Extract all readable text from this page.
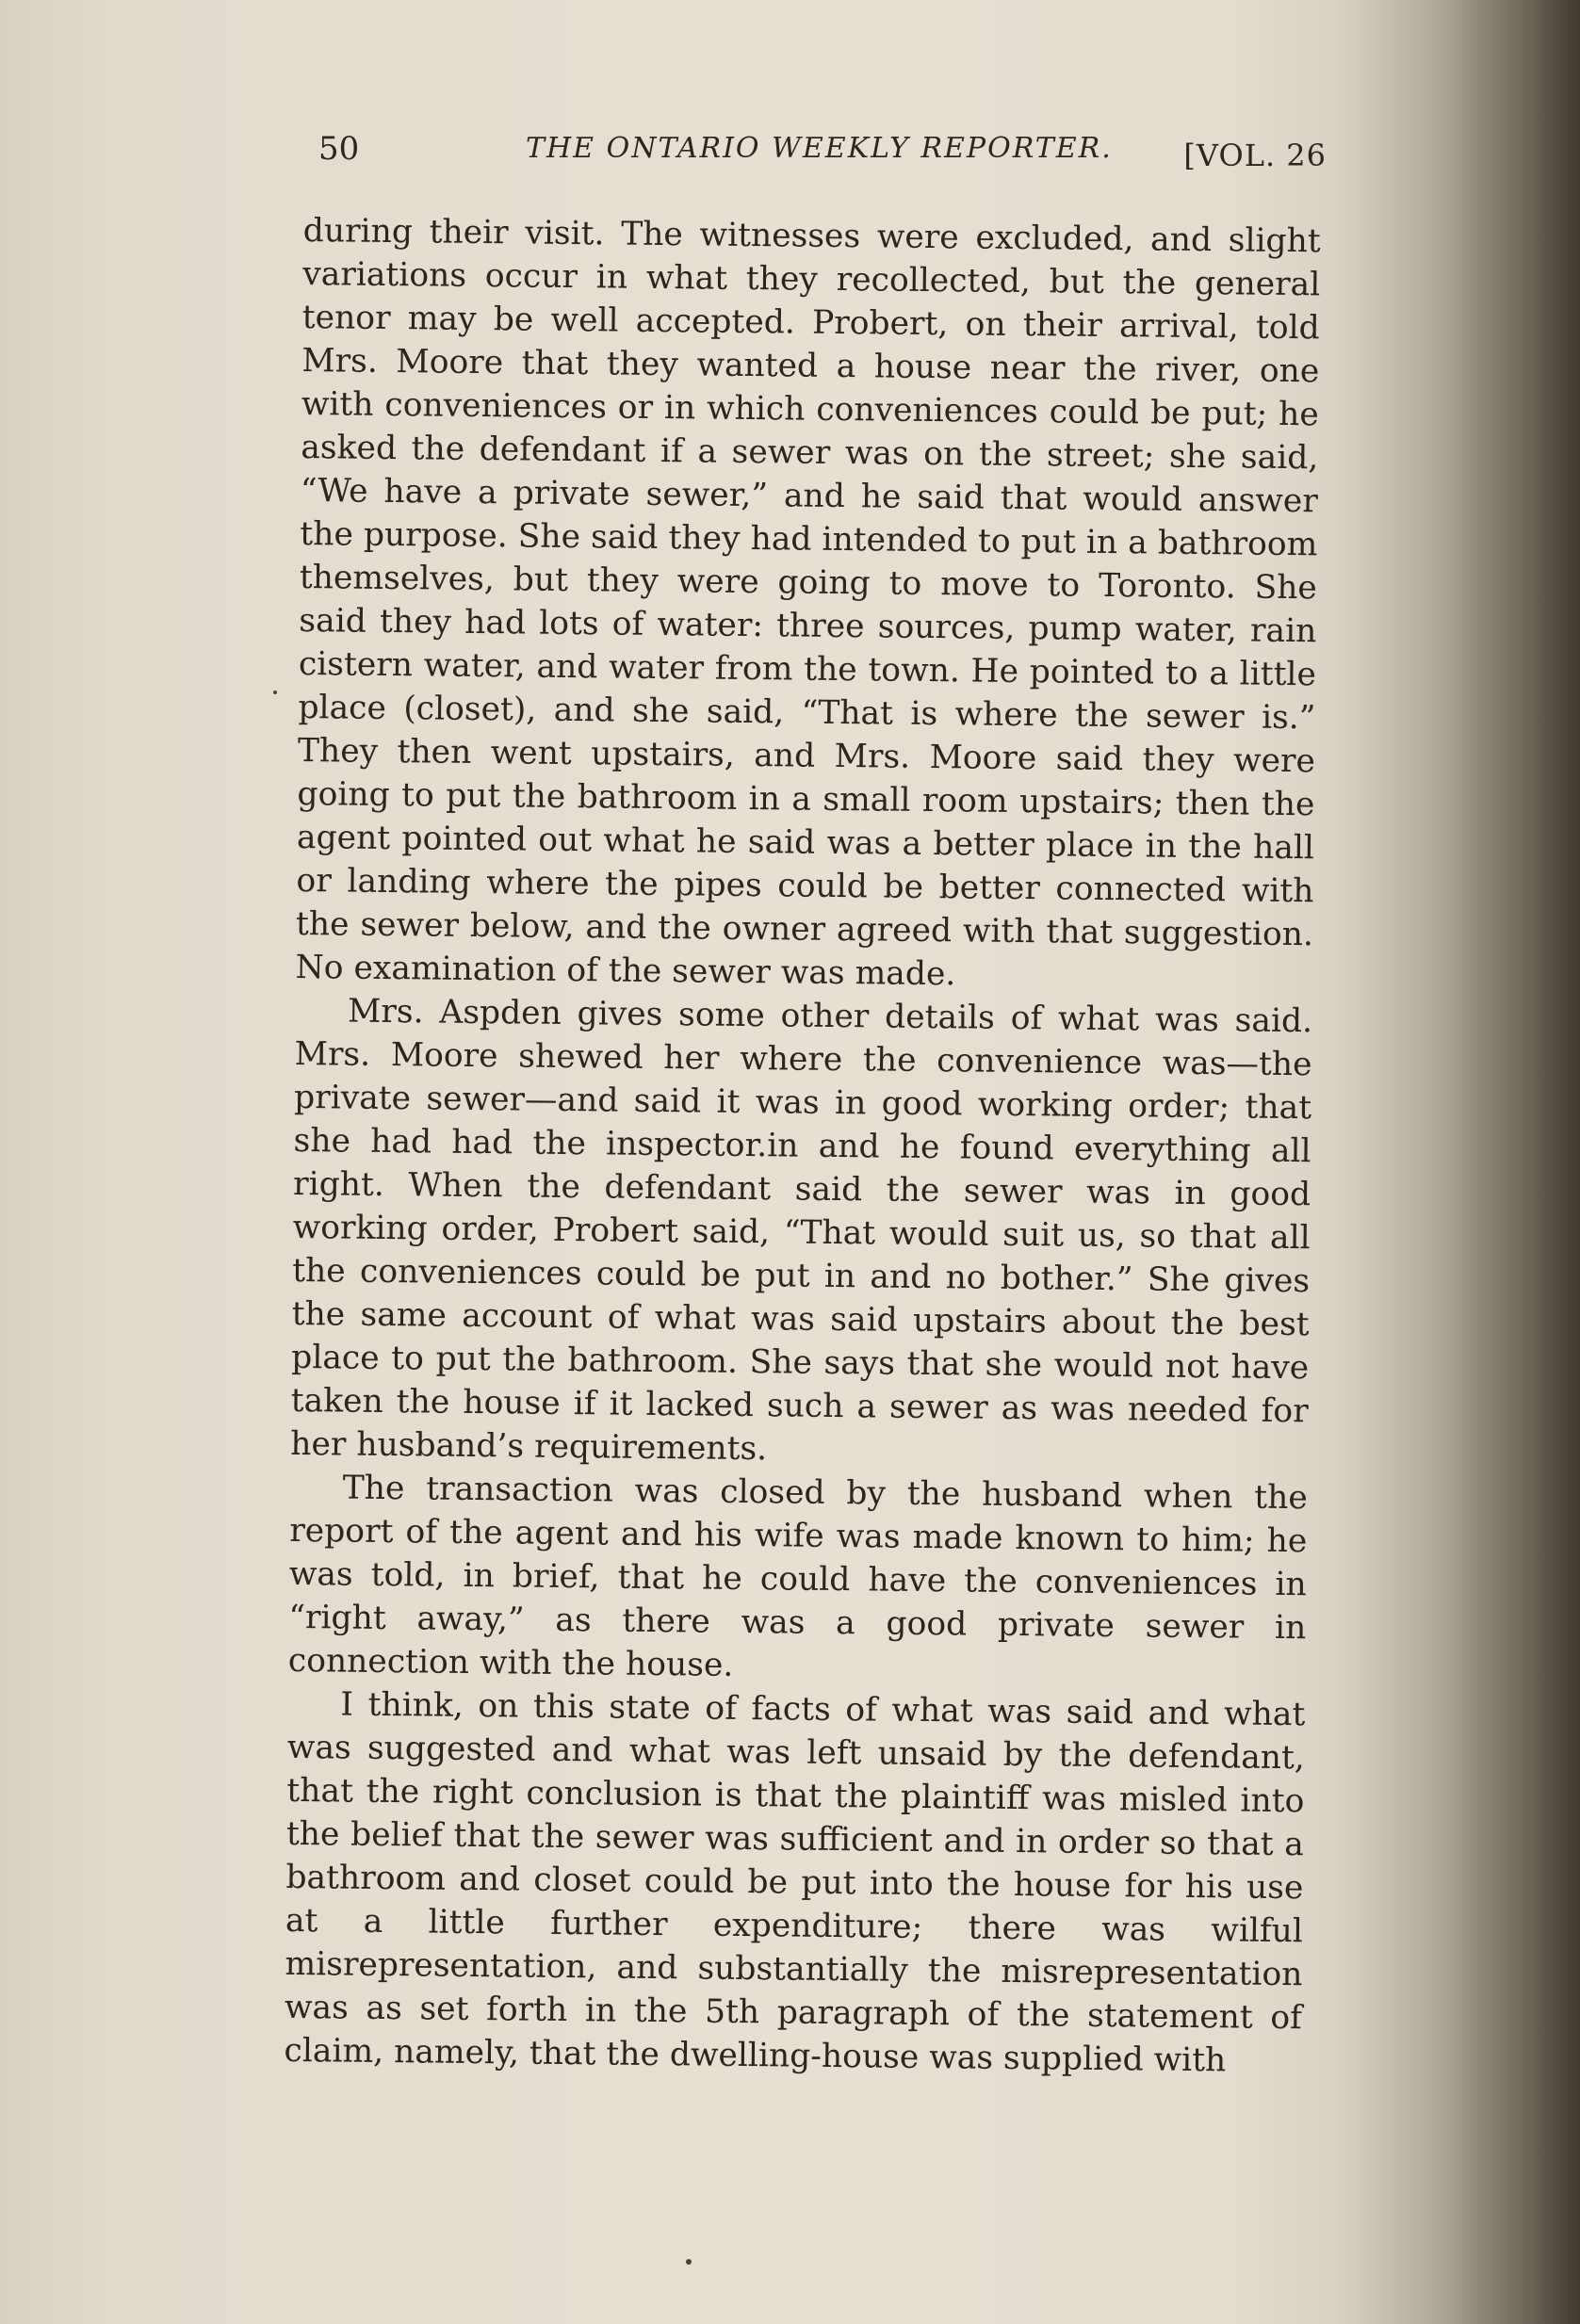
50	THE ONTARIO WEEKLY REPORTER. [VOL. 26

during their visit. The witnesses were excluded, and slight variations occur in what they recollected, but the general tenor may be well accepted. Probert, on their arrival, told Mrs. Moore that they wanted a house near the river, one with conveniences or in which conveniences could be put; he asked the defendant if a sewer was on the street; she said, “We have a private sewer,” and he said that would answer the purpose. She said they had intended to put in a bathroom themselves, but they were going to move to Toronto. She said they had lots of water: three sources, pump water, rain cistern water, and water from the town. He pointed to a little place (closet), and she said, “That is where the sewer is.” They then went upstairs, and Mrs. Moore said they were going to put the bathroom in a small room upstairs; then the agent pointed out what he said was a better place in the hall or landing where the pipes could be better connected with the sewer below, and the owner agreed with that suggestion. No examination of the sewer was made.

Mrs. Aspden gives some other details of what was said. Mrs. Moore shewed her where the convenience was—the private sewer—and said it was in good working order; that she had had the inspector.in and he found everything all right. When the defendant said the sewer was in good working order, Probert said, “That would suit us, so that all the conveniences could be put in and no bother.” She gives the same account of what was said upstairs about the best place to put the bathroom. She says that she would not have taken the house if it lacked such a sewer as was needed for her husband’s requirements.

The transaction was closed by the husband when the report of the agent and his wife was made known to him; he was told, in brief, that he could have the conveniences in “right away,” as there was a good private sewer in connection with the house.

I think, on this state of facts of what was said and what was suggested and what was left unsaid by the defendant, that the right conclusion is that the plaintiff was misled into the belief that the sewer was sufficient and in order so that a bathroom and closet could be put into the house for his use at a little further expenditure; there was wilful misrepresentation, and substantially the misrepresentation was as set forth in the 5th paragraph of the statement of claim, namely, that the dwelling-house was supplied with
